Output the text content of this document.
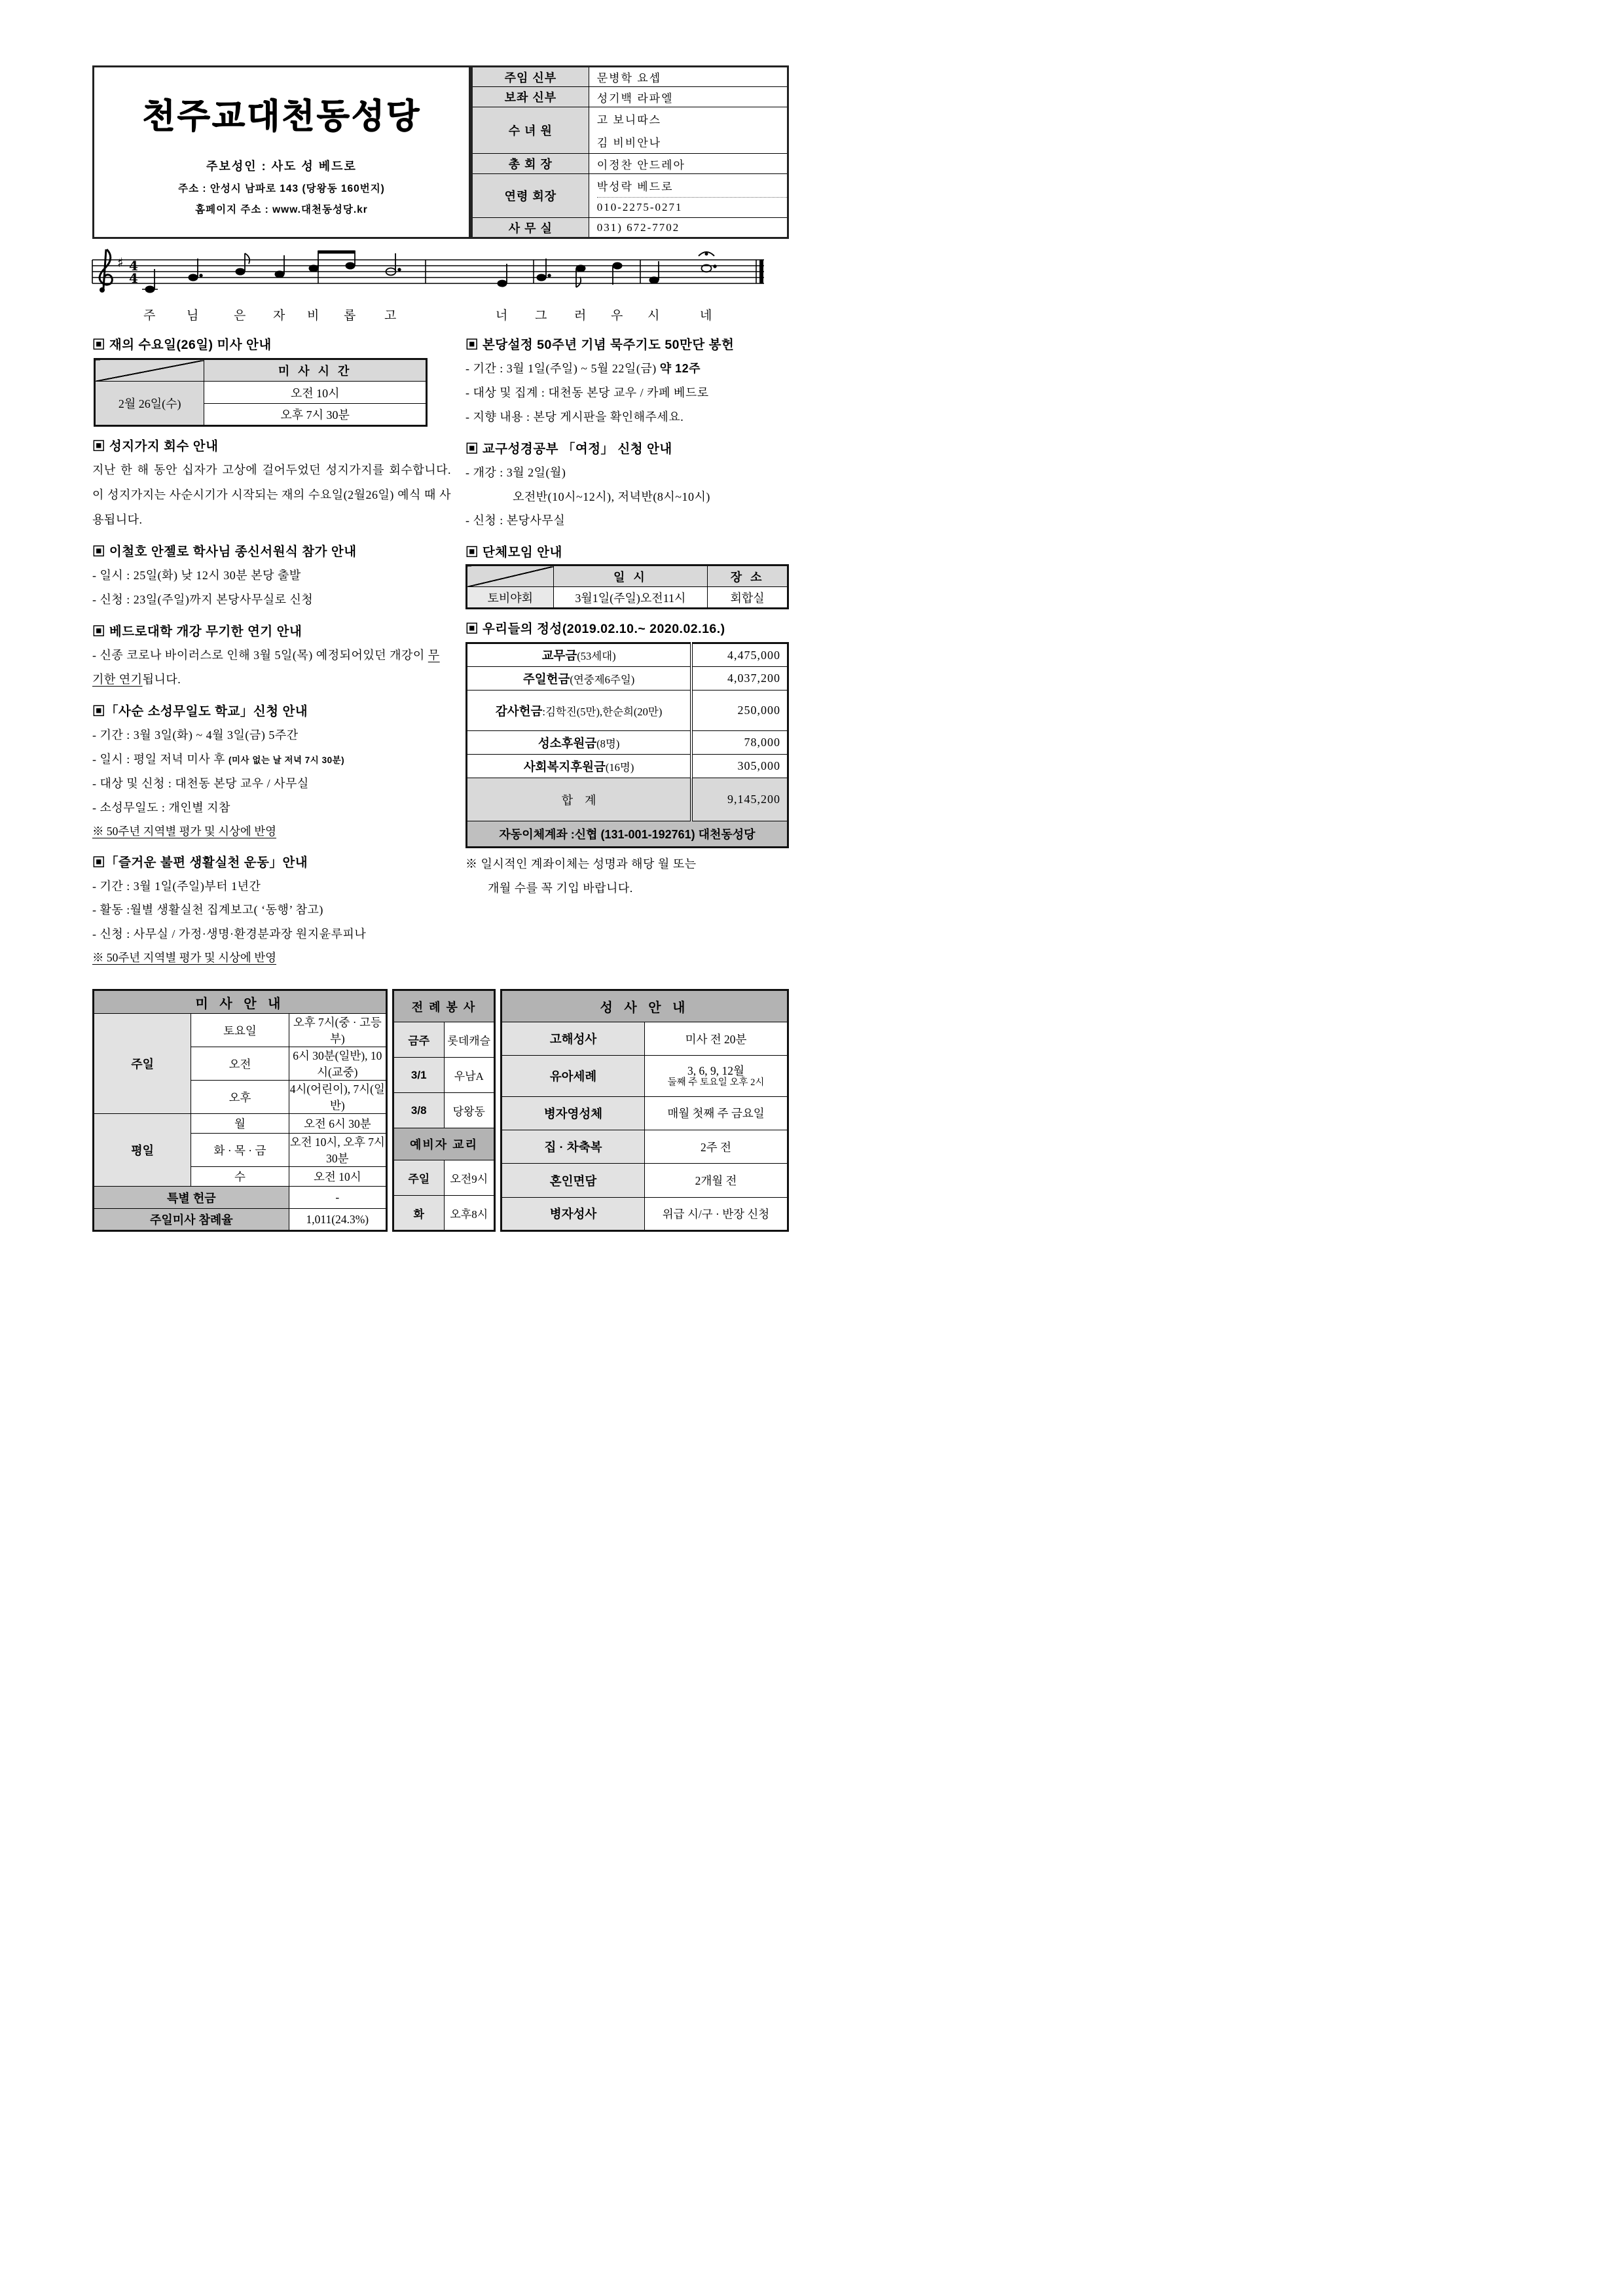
천주교대천동성당
주보성인 : 사도 성 베드로
주소 : 안성시 남파로 143 (당왕동 160번지)
홈페이지 주소 : www.대천동성당.kr
주임 신부	문병학 요셉
보좌 신부	성기백 라파엘
수 녀 원	고 보니따스
김 비비안나

총 회 장	이정찬 안드레아
연령 회장	박성락 베드로
010-2275-0271

사 무 실	031) 672-7702
♯ 4
4
주	님	은 자 비 롭 고	너 그 러 우 시	네
▣ 재의 수요일(26일) 미사 안내
	미 사 시 간
2월 26일(수)	오전 10시
	오후 7시 30분
▣ 성지가지 회수 안내
지난 한 해 동안 십자가 고상에 걸어두었던 성지가지를 회수합니다. 이 성지가지는 사순시기가 시작되는 재의 수요일(2월26일) 예식 때 사용됩니다.
▣ 이철호 안젤로 학사님 종신서원식 참가 안내
- 일시 : 25일(화) 낮 12시 30분 본당 출발
- 신청 : 23일(주일)까지 본당사무실로 신청
▣ 베드로대학 개강 무기한 연기 안내
- 신종 코로나 바이러스로 인해 3월 5일(목) 예정되어있던 개강이 무기한 연기됩니다.
▣「사순 소성무일도 학교」신청 안내
- 기간 : 3월 3일(화) ~ 4월 3일(금) 5주간
- 일시 : 평일 저녁 미사 후 (미사 없는 날 저녁 7시 30분)
- 대상 및 신청 : 대천동 본당 교우 / 사무실
- 소성무일도 : 개인별 지참
※ 50주년 지역별 평가 및 시상에 반영
▣「즐거운 불편 생활실천 운동」안내
- 기간 : 3월 1일(주일)부터 1년간
- 활동 :월별 생활실천 집계보고( ‘동행’ 참고)
- 신청 : 사무실 / 가정·생명·환경분과장 원지윤루피나
※ 50주년 지역별 평가 및 시상에 반영
▣ 본당설정 50주년 기념 묵주기도 50만단 봉헌
- 기간 : 3월 1일(주일) ~ 5월 22일(금) 약 12주
- 대상 및 집계 : 대천동 본당 교우 / 카페 베드로
- 지향 내용 : 본당 게시판을 확인해주세요.
▣ 교구성경공부 「여정」 신청 안내
- 개강 : 3월 2일(월)
오전반(10시~12시), 저녁반(8시~10시)
- 신청 : 본당사무실
▣ 단체모임 안내
	일 시	장 소
토비야회	3월1일(주일)오전11시	회합실
▣ 우리들의 정성(2019.02.10.~ 2020.02.16.)
교무금(53세대)	4,475,000
주일헌금(연중제6주일)	4,037,200
감사헌금:김학진(5만),한순희(20만)	250,000
성소후원금(8명)	78,000
사회복지후원금(16명)	305,000
합    계	9,145,200
자동이체계좌 :신협 (131-001-192761) 대천동성당	
※ 일시적인 계좌이체는 성명과 해당 월 또는
개월 수를 꼭 기입 바랍니다.
미 사 안 내		
주일	토요일	오후 7시(중 · 고등부)
	오전	6시 30분(일반), 10시(교중)
	오후	4시(어린이), 7시(일반)
평일	월	오전 6시 30분
	화 · 목 · 금	오전 10시, 오후 7시30분
	수	오전 10시
특별 헌금		-
주일미사 참례율		1,011(24.3%)
전 례 봉 사	
금주	롯데캐슬
3/1	우남A
3/8	당왕동
예비자 교리	
주일	오전9시
화	오후8시
성 사 안 내	
고해성사	미사 전 20분
유아세례	3, 6, 9, 12월
둘째 주 토요일 오후 2시

병자영성체	매월 첫째 주 금요일
집 · 차축복	2주 전
혼인면담	2개월 전
병자성사	위급 시/구 · 반장 신청
